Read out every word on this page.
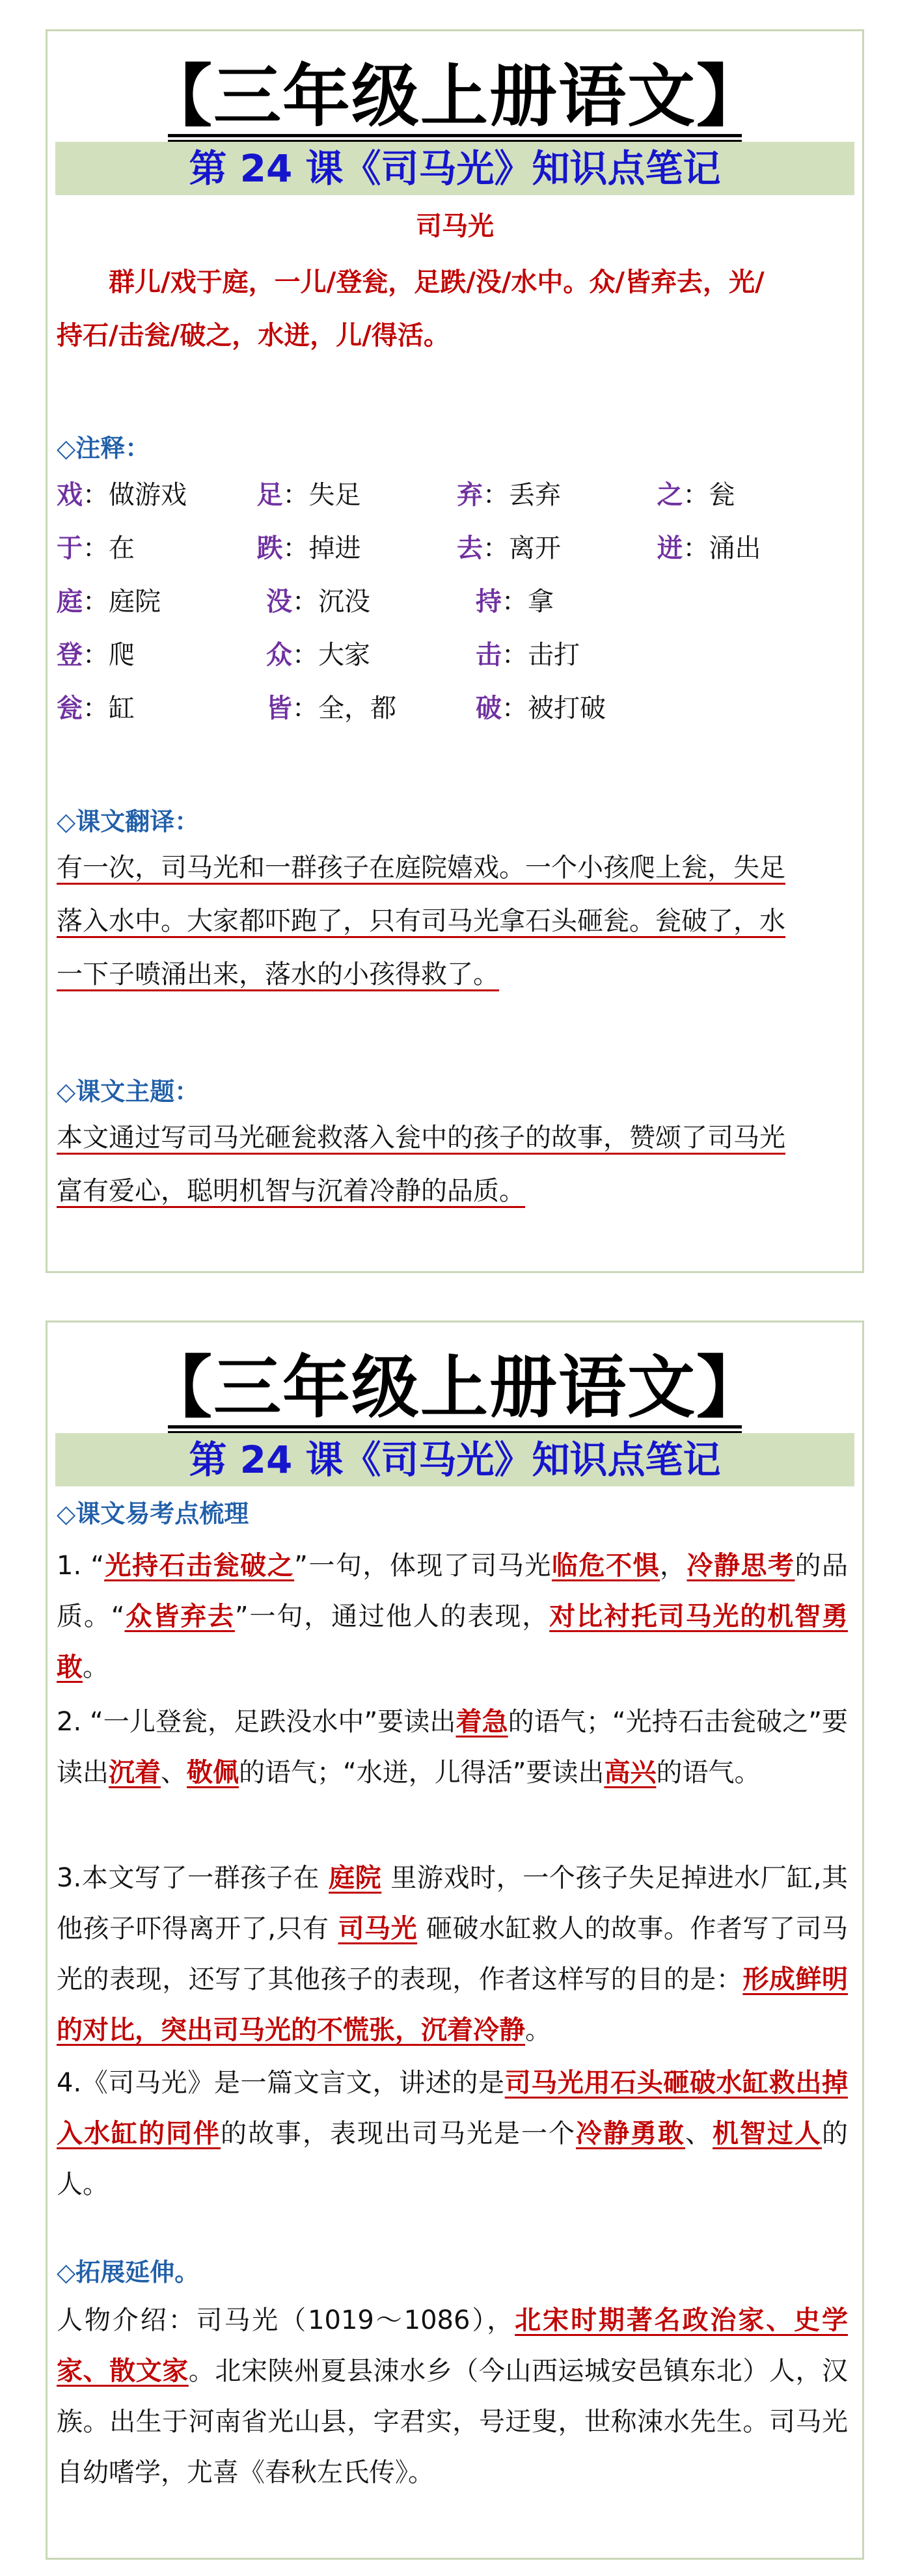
【三年级上册语文】
第 24 课《司马光》知识点笔记
司马光
群儿/戏于庭，一儿/登瓮，足跌/没/水中。众/皆弃去，光/
持石/击瓮/破之，水迸，儿/得活。
◇注释：
戏：做游戏	足：失足	弃：丢弃	之：瓮
于：在	跌：掉进	去：离开	迸：涌出
庭：庭院	没：沉没	持：拿
登：爬	众：大家	击：击打
瓮：缸	皆：全，都	破：被打破
◇课文翻译：
有一次，司马光和一群孩子在庭院嬉戏。一个小孩爬上瓮，失足
落入水中。大家都吓跑了，只有司马光拿石头砸瓮。瓮破了，水
一下子喷涌出来，落水的小孩得救了。
◇课文主题：
本文通过写司马光砸瓮救落入瓮中的孩子的故事，赞颂了司马光
富有爱心，聪明机智与沉着冷静的品质。
【三年级上册语文】
第 24 课《司马光》知识点笔记
◇课文易考点梳理
1. “光持石击瓮破之”一句，体现了司马光临危不惧，冷静思考的品质。“众皆弃去”一句，通过他人的表现，对比衬托司马光的机智勇敢。
2. “一儿登瓮，足跌没水中”要读出着急的语气；“光持石击瓮破之”要读出沉着、敬佩的语气；“水迸，儿得活”要读出高兴的语气。
3.本文写了一群孩子在 庭院 里游戏时，一个孩子失足掉进水厂缸,其他孩子吓得离开了,只有 司马光 砸破水缸救人的故事。作者写了司马光的表现，还写了其他孩子的表现，作者这样写的目的是：形成鲜明的对比，突出司马光的不慌张，沉着冷静。
4.《司马光》是一篇文言文，讲述的是司马光用石头砸破水缸救出掉入水缸的同伴的故事，表现出司马光是一个冷静勇敢、机智过人的人。
◇拓展延伸。
人物介绍：司马光（1019～1086），北宋时期著名政治家、史学家、散文家。北宋陕州夏县涑水乡（今山西运城安邑镇东北）人，汉族。出生于河南省光山县，字君实，号迂叟，世称涑水先生。司马光自幼嗜学，尤喜《春秋左氏传》。
